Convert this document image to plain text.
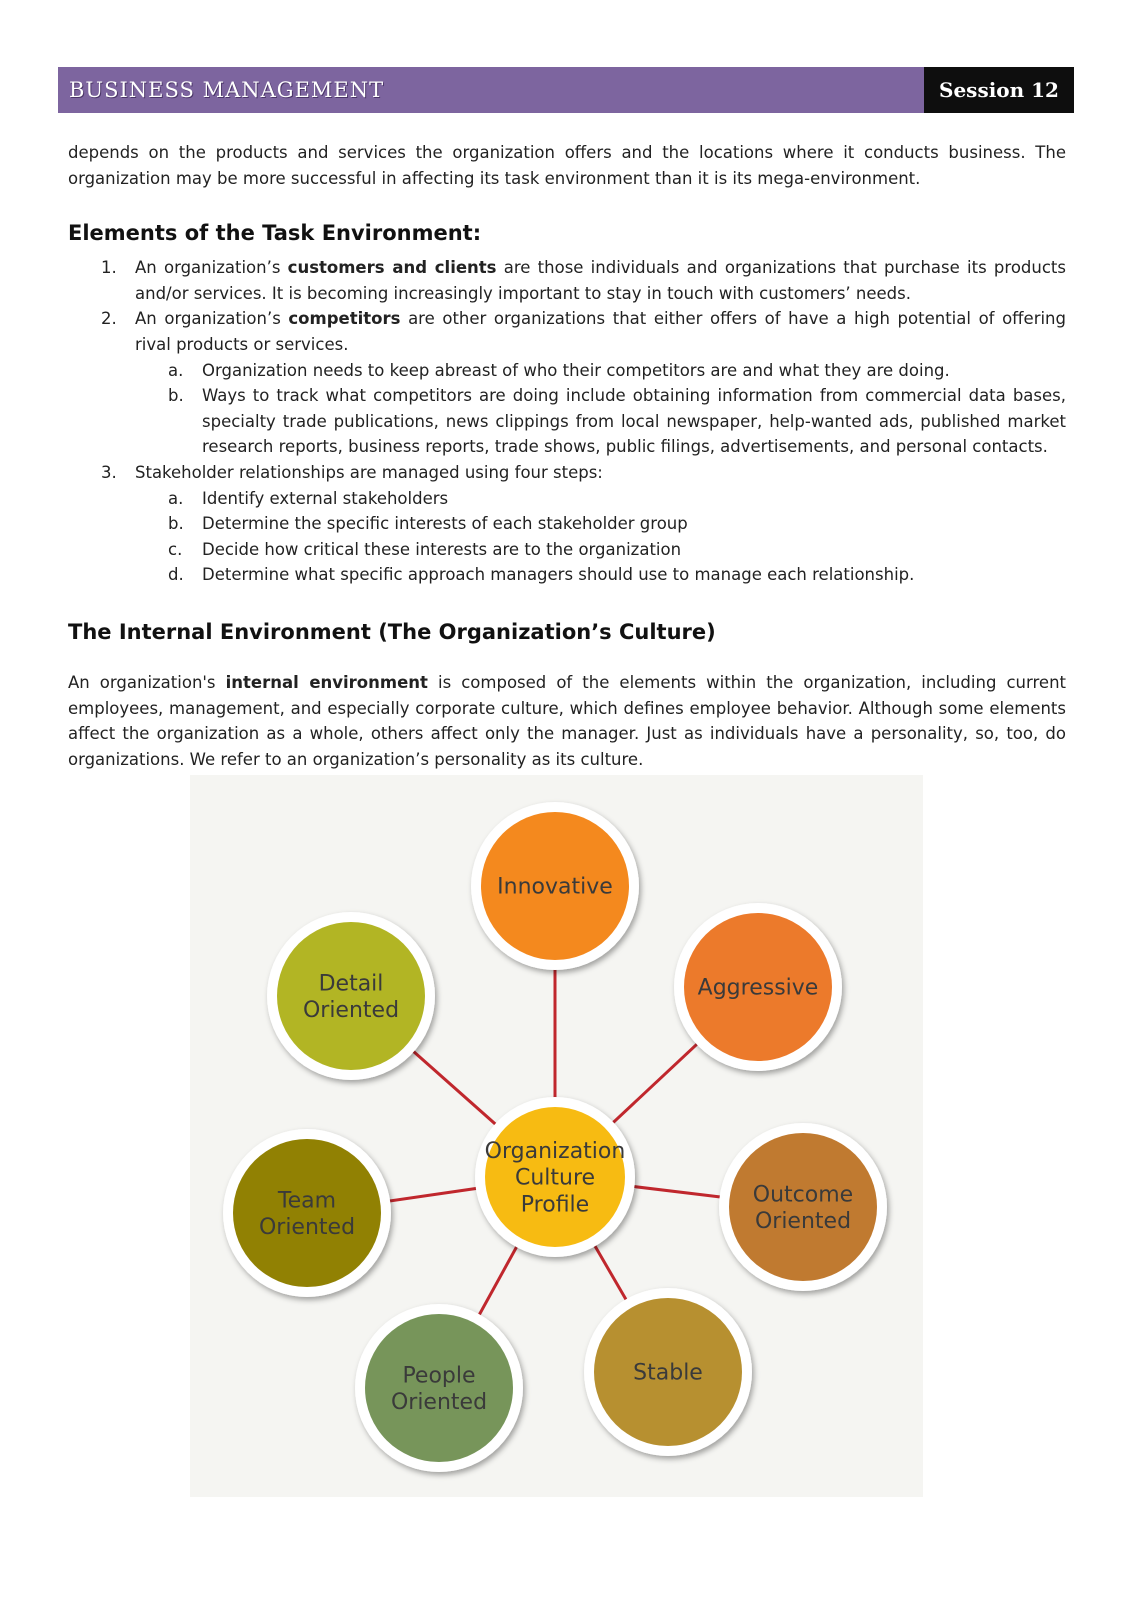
BUSINESS MANAGEMENT	Session 12

depends on the products and services the organization offers and the locations where it conducts business. The organization may be more successful in affecting its task environment than it is its mega-environment.

Elements of the Task Environment:
1. An organization’s customers and clients are those individuals and organizations that purchase its products and/or services. It is becoming increasingly important to stay in touch with customers’ needs.
2. An organization’s competitors are other organizations that either offers of have a high potential of offering rival products or services.
a. Organization needs to keep abreast of who their competitors are and what they are doing.
b. Ways to track what competitors are doing include obtaining information from commercial data bases, specialty trade publications, news clippings from local newspaper, help-wanted ads, published market research reports, business reports, trade shows, public filings, advertisements, and personal contacts.
3. Stakeholder relationships are managed using four steps:
a. Identify external stakeholders
b. Determine the specific interests of each stakeholder group
c. Decide how critical these interests are to the organization
d. Determine what specific approach managers should use to manage each relationship.
The Internal Environment (The Organization’s Culture)

An organization's internal environment is composed of the elements within the organization, including current employees, management, and especially corporate culture, which defines employee behavior. Although some elements affect the organization as a whole, others affect only the manager. Just as individuals have a personality, so, too, do organizations. We refer to an organization’s personality as its culture.

Innovative
Aggressive
Outcome
Oriented
Stable
People
Oriented
Team
Oriented
Detail
Oriented
Organization
Culture
Profile
